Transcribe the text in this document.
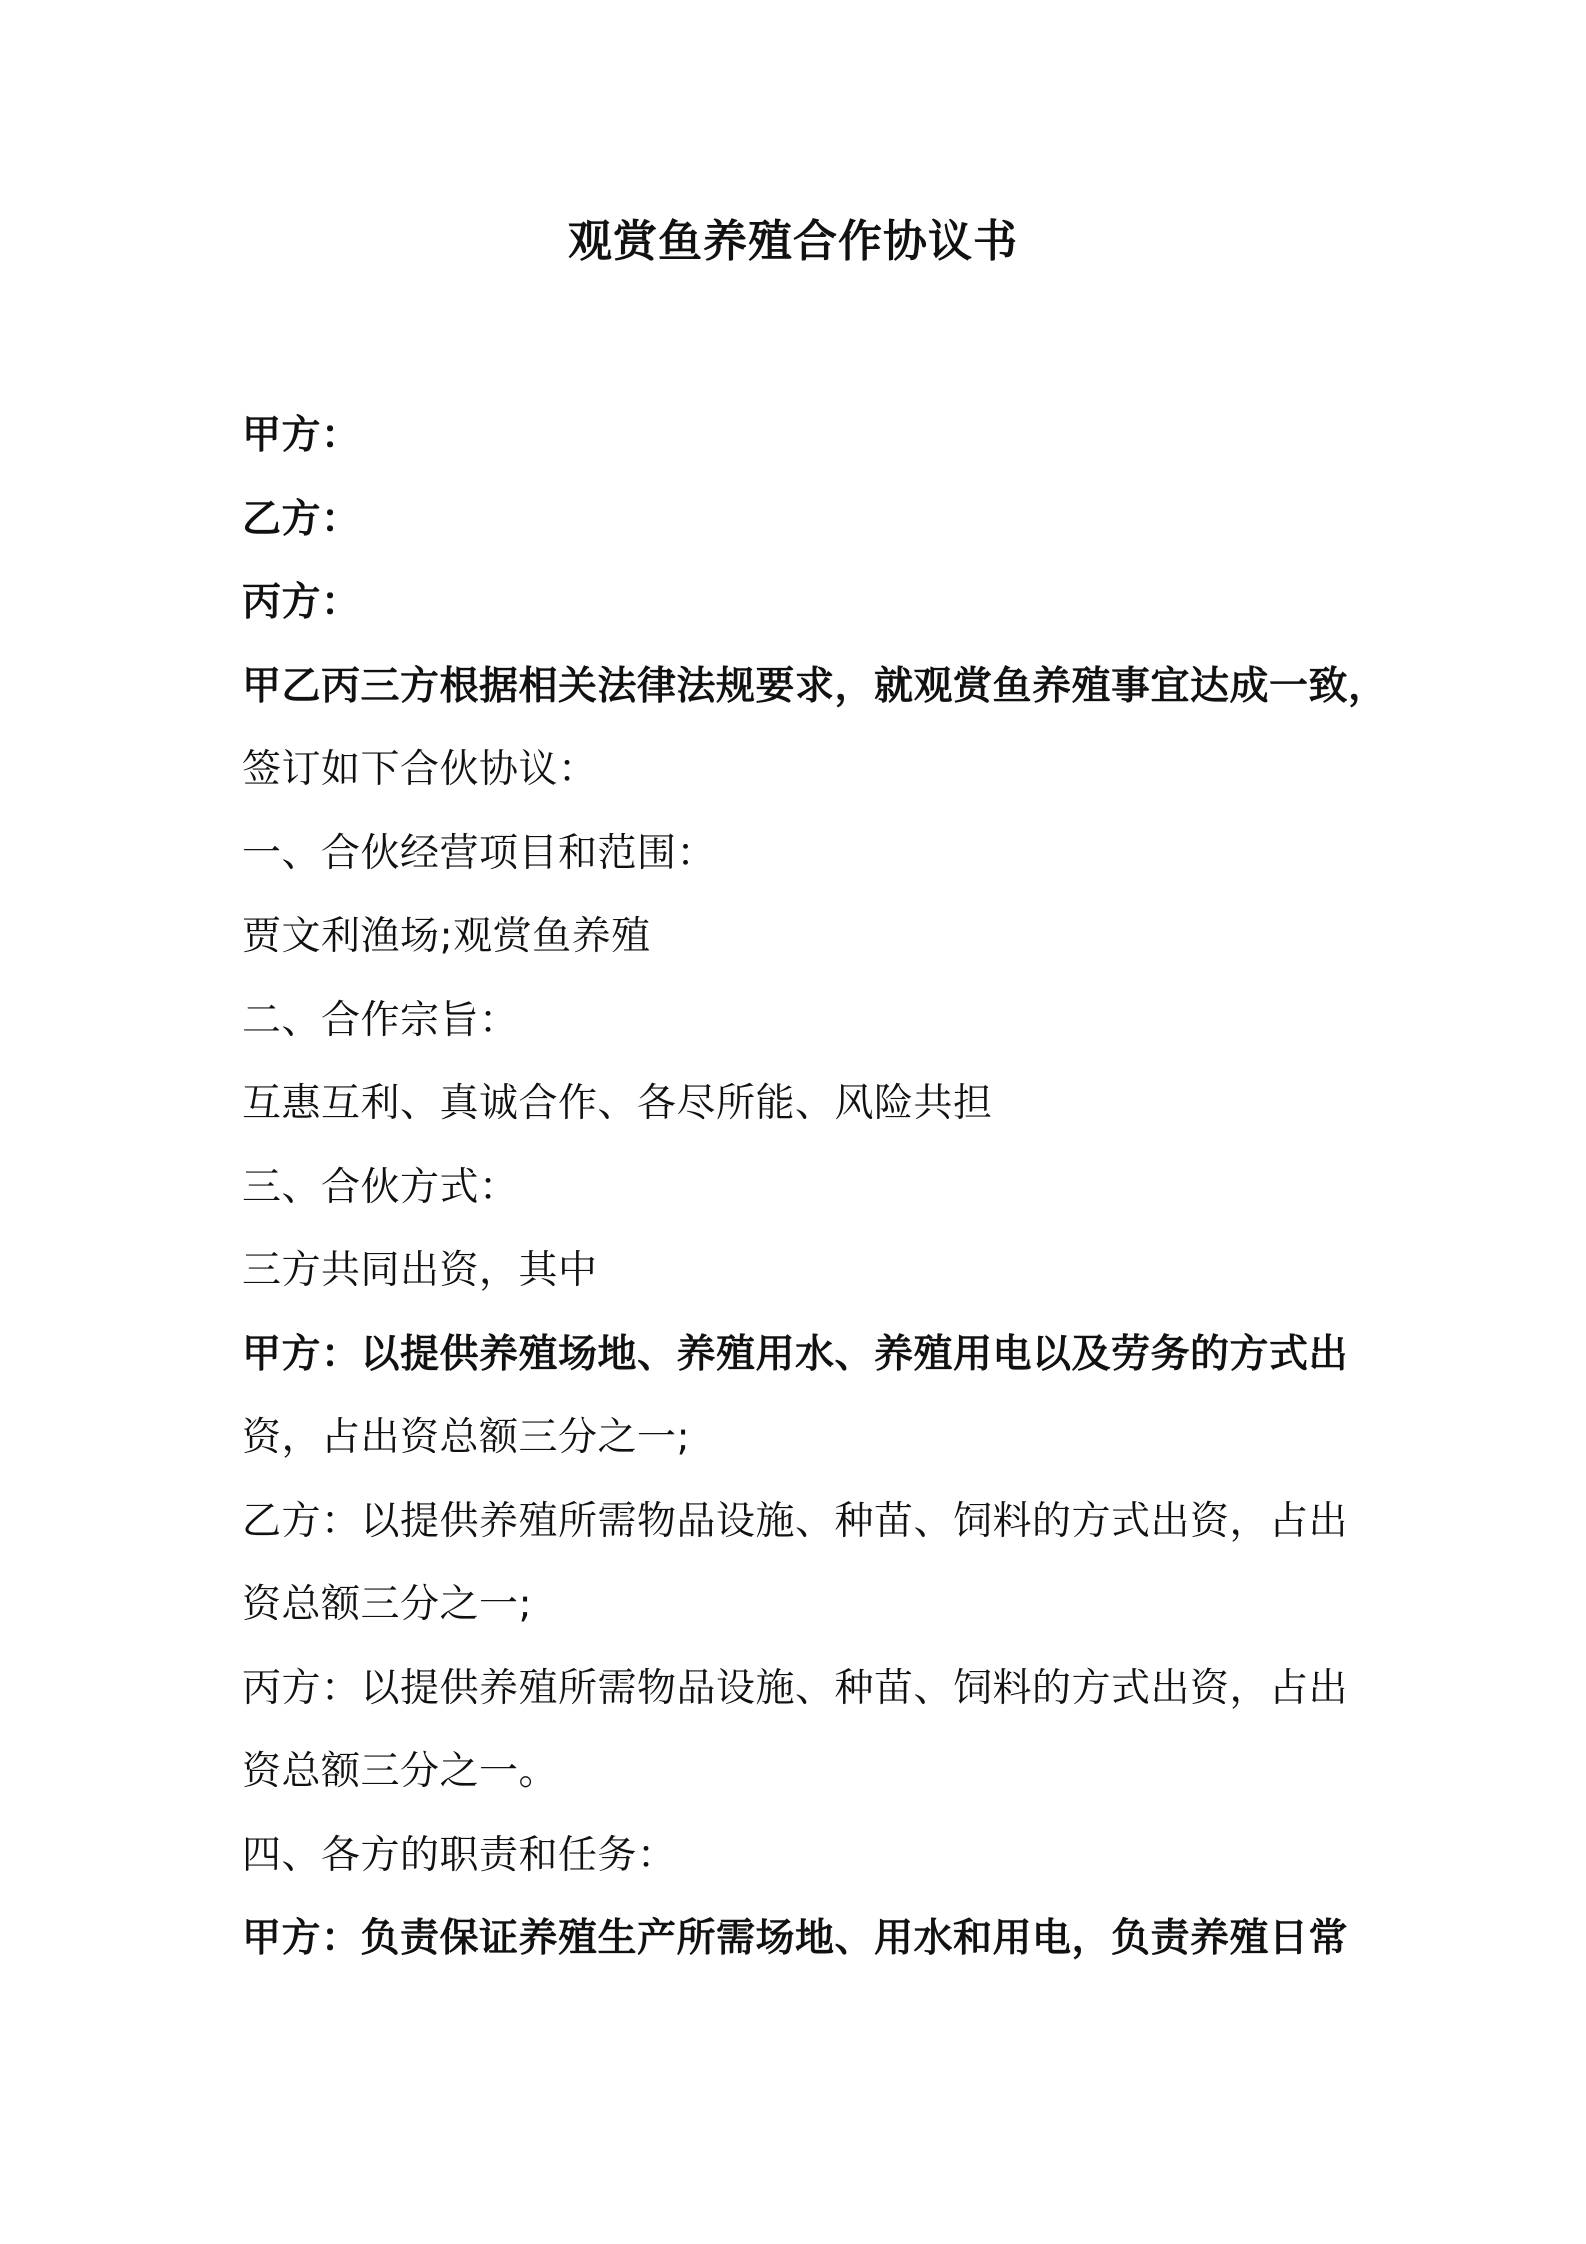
观赏鱼养殖合作协议书
甲方：
乙方：
丙方：
甲乙丙三方根据相关法律法规要求，就观赏鱼养殖事宜达成一致，
签订如下合伙协议：
一、合伙经营项目和范围：
贾文利渔场;观赏鱼养殖
二、合作宗旨：
互惠互利、真诚合作、各尽所能、风险共担
三、合伙方式：
三方共同出资，其中
甲方：以提供养殖场地、养殖用水、养殖用电以及劳务的方式出
资，占出资总额三分之一;
乙方：以提供养殖所需物品设施、种苗、饲料的方式出资，占出
资总额三分之一;
丙方：以提供养殖所需物品设施、种苗、饲料的方式出资，占出
资总额三分之一。
四、各方的职责和任务：
甲方：负责保证养殖生产所需场地、用水和用电，负责养殖日常
